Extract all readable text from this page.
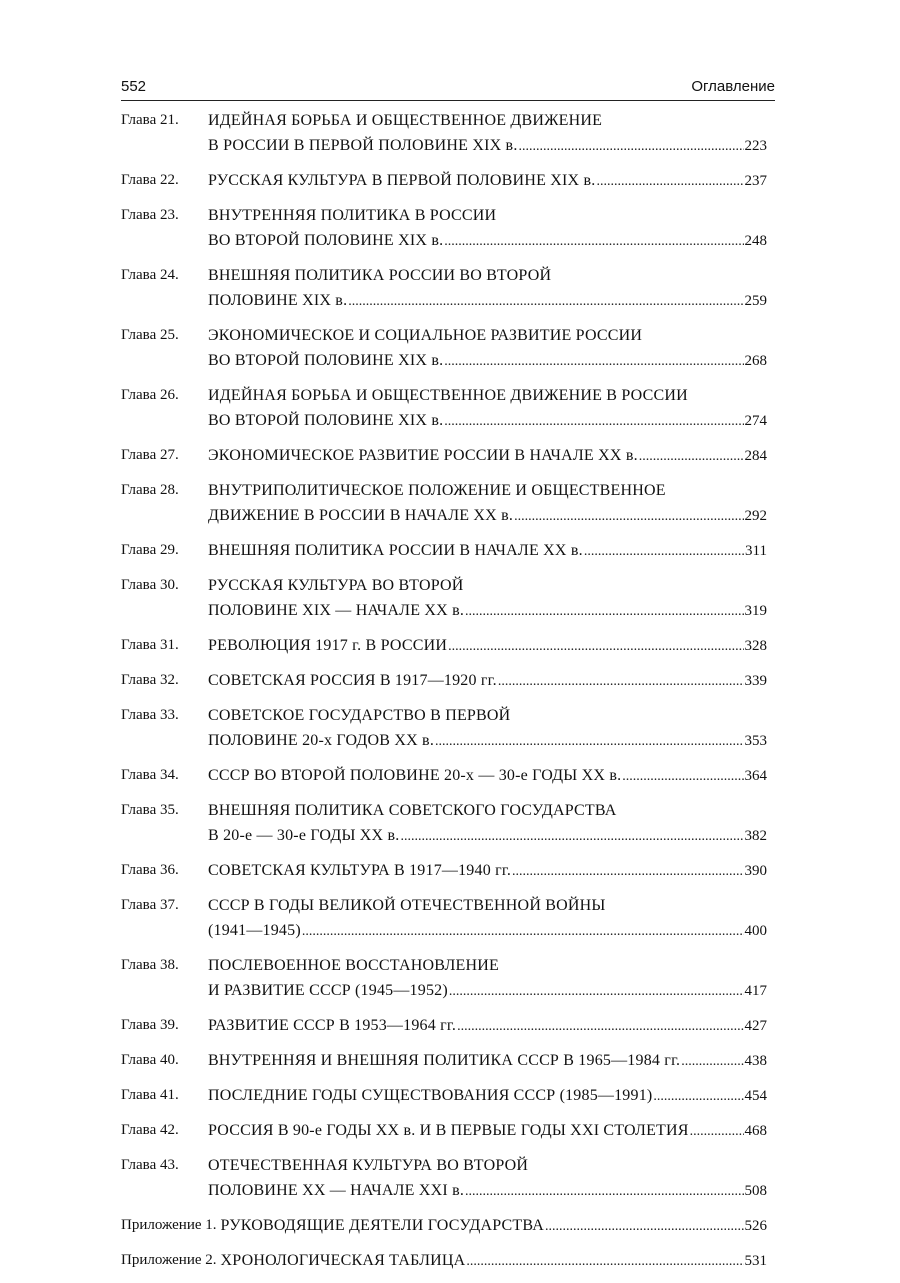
552	Оглавление
Глава 21.	ИДЕЙНАЯ БОРЬБА И ОБЩЕСТВЕННОЕ ДВИЖЕНИЕ
В РОССИИ В ПЕРВОЙ ПОЛОВИНЕ XIX в. .....	223
Глава 22.	РУССКАЯ КУЛЬТУРА В ПЕРВОЙ ПОЛОВИНЕ XIX в. .....	237
Глава 23.	ВНУТРЕННЯЯ ПОЛИТИКА В РОССИИ
ВО ВТОРОЙ ПОЛОВИНЕ XIX в. .....	248
Глава 24.	ВНЕШНЯЯ ПОЛИТИКА РОССИИ ВО ВТОРОЙ
ПОЛОВИНЕ XIX в. .....	259
Глава 25.	ЭКОНОМИЧЕСКОЕ И СОЦИАЛЬНОЕ РАЗВИТИЕ РОССИИ
ВО ВТОРОЙ ПОЛОВИНЕ XIX в. .....	268
Глава 26.	ИДЕЙНАЯ БОРЬБА И ОБЩЕСТВЕННОЕ ДВИЖЕНИЕ В РОССИИ
ВО ВТОРОЙ ПОЛОВИНЕ XIX в. .....	274
Глава 27.	ЭКОНОМИЧЕСКОЕ РАЗВИТИЕ РОССИИ В НАЧАЛЕ XX в. .....	284
Глава 28.	ВНУТРИПОЛИТИЧЕСКОЕ ПОЛОЖЕНИЕ И ОБЩЕСТВЕННОЕ
ДВИЖЕНИЕ В РОССИИ В НАЧАЛЕ XX в. .....	292
Глава 29.	ВНЕШНЯЯ ПОЛИТИКА РОССИИ В НАЧАЛЕ XX в. .....	311
Глава 30.	РУССКАЯ КУЛЬТУРА ВО ВТОРОЙ
ПОЛОВИНЕ XIX — НАЧАЛЕ XX в. .....	319
Глава 31.	РЕВОЛЮЦИЯ 1917 г. В РОССИИ .....	328
Глава 32.	СОВЕТСКАЯ РОССИЯ В 1917—1920 гг. .....	339
Глава 33.	СОВЕТСКОЕ ГОСУДАРСТВО В ПЕРВОЙ
ПОЛОВИНЕ 20-х ГОДОВ XX в. .....	353
Глава 34.	СССР ВО ВТОРОЙ ПОЛОВИНЕ 20-х — 30-е ГОДЫ XX в. .....	364
Глава 35.	ВНЕШНЯЯ ПОЛИТИКА СОВЕТСКОГО ГОСУДАРСТВА
В 20-е — 30-е ГОДЫ XX в. .....	382
Глава 36.	СОВЕТСКАЯ КУЛЬТУРА В 1917—1940 гг. .....	390
Глава 37.	СССР В ГОДЫ ВЕЛИКОЙ ОТЕЧЕСТВЕННОЙ ВОЙНЫ
(1941—1945) .....	400
Глава 38.	ПОСЛЕВОЕННОЕ ВОССТАНОВЛЕНИЕ
И РАЗВИТИЕ СССР (1945—1952) .....	417
Глава 39.	РАЗВИТИЕ СССР В 1953—1964 гг. .....	427
Глава 40.	ВНУТРЕННЯЯ И ВНЕШНЯЯ ПОЛИТИКА СССР В 1965—1984 гг. .....	438
Глава 41.	ПОСЛЕДНИЕ ГОДЫ СУЩЕСТВОВАНИЯ СССР (1985—1991) .....	454
Глава 42.	РОССИЯ В 90-е ГОДЫ XX в. И В ПЕРВЫЕ ГОДЫ XXI СТОЛЕТИЯ .....	468
Глава 43.	ОТЕЧЕСТВЕННАЯ КУЛЬТУРА ВО ВТОРОЙ
ПОЛОВИНЕ XX — НАЧАЛЕ XXI в. .....	508
Приложение 1. РУКОВОДЯЩИЕ ДЕЯТЕЛИ ГОСУДАРСТВА .....	526
Приложение 2. ХРОНОЛОГИЧЕСКАЯ ТАБЛИЦА .....	531
